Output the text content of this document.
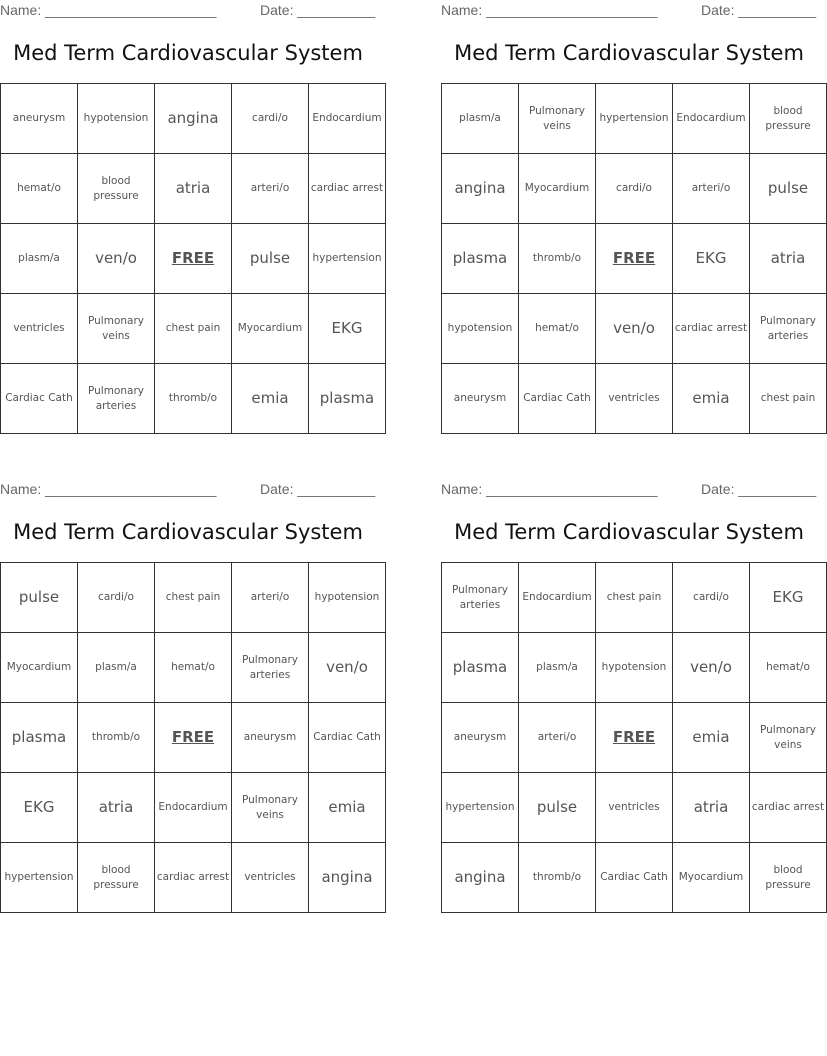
Name: ______________________	Date: __________
Med Term Cardiovascular System
aneurysm	hypotension	angina	cardi/o	Endocardium
hemat/o	blood pressure	atria	arteri/o	cardiac arrest
plasm/a	ven/o	FREE	pulse	hypertension
ventricles	Pulmonary veins	chest pain	Myocardium	EKG
Cardiac Cath	Pulmonary arteries	thromb/o	emia	plasma
Name: ______________________	Date: __________
Med Term Cardiovascular System
plasm/a	Pulmonary veins	hypertension	Endocardium	blood pressure
angina	Myocardium	cardi/o	arteri/o	pulse
plasma	thromb/o	FREE	EKG	atria
hypotension	hemat/o	ven/o	cardiac arrest	Pulmonary arteries
aneurysm	Cardiac Cath	ventricles	emia	chest pain
Name: ______________________	Date: __________
Med Term Cardiovascular System
pulse	cardi/o	chest pain	arteri/o	hypotension
Myocardium	plasm/a	hemat/o	Pulmonary arteries	ven/o
plasma	thromb/o	FREE	aneurysm	Cardiac Cath
EKG	atria	Endocardium	Pulmonary veins	emia
hypertension	blood pressure	cardiac arrest	ventricles	angina
Name: ______________________	Date: __________
Med Term Cardiovascular System
Pulmonary arteries	Endocardium	chest pain	cardi/o	EKG
plasma	plasm/a	hypotension	ven/o	hemat/o
aneurysm	arteri/o	FREE	emia	Pulmonary veins
hypertension	pulse	ventricles	atria	cardiac arrest
angina	thromb/o	Cardiac Cath	Myocardium	blood pressure
